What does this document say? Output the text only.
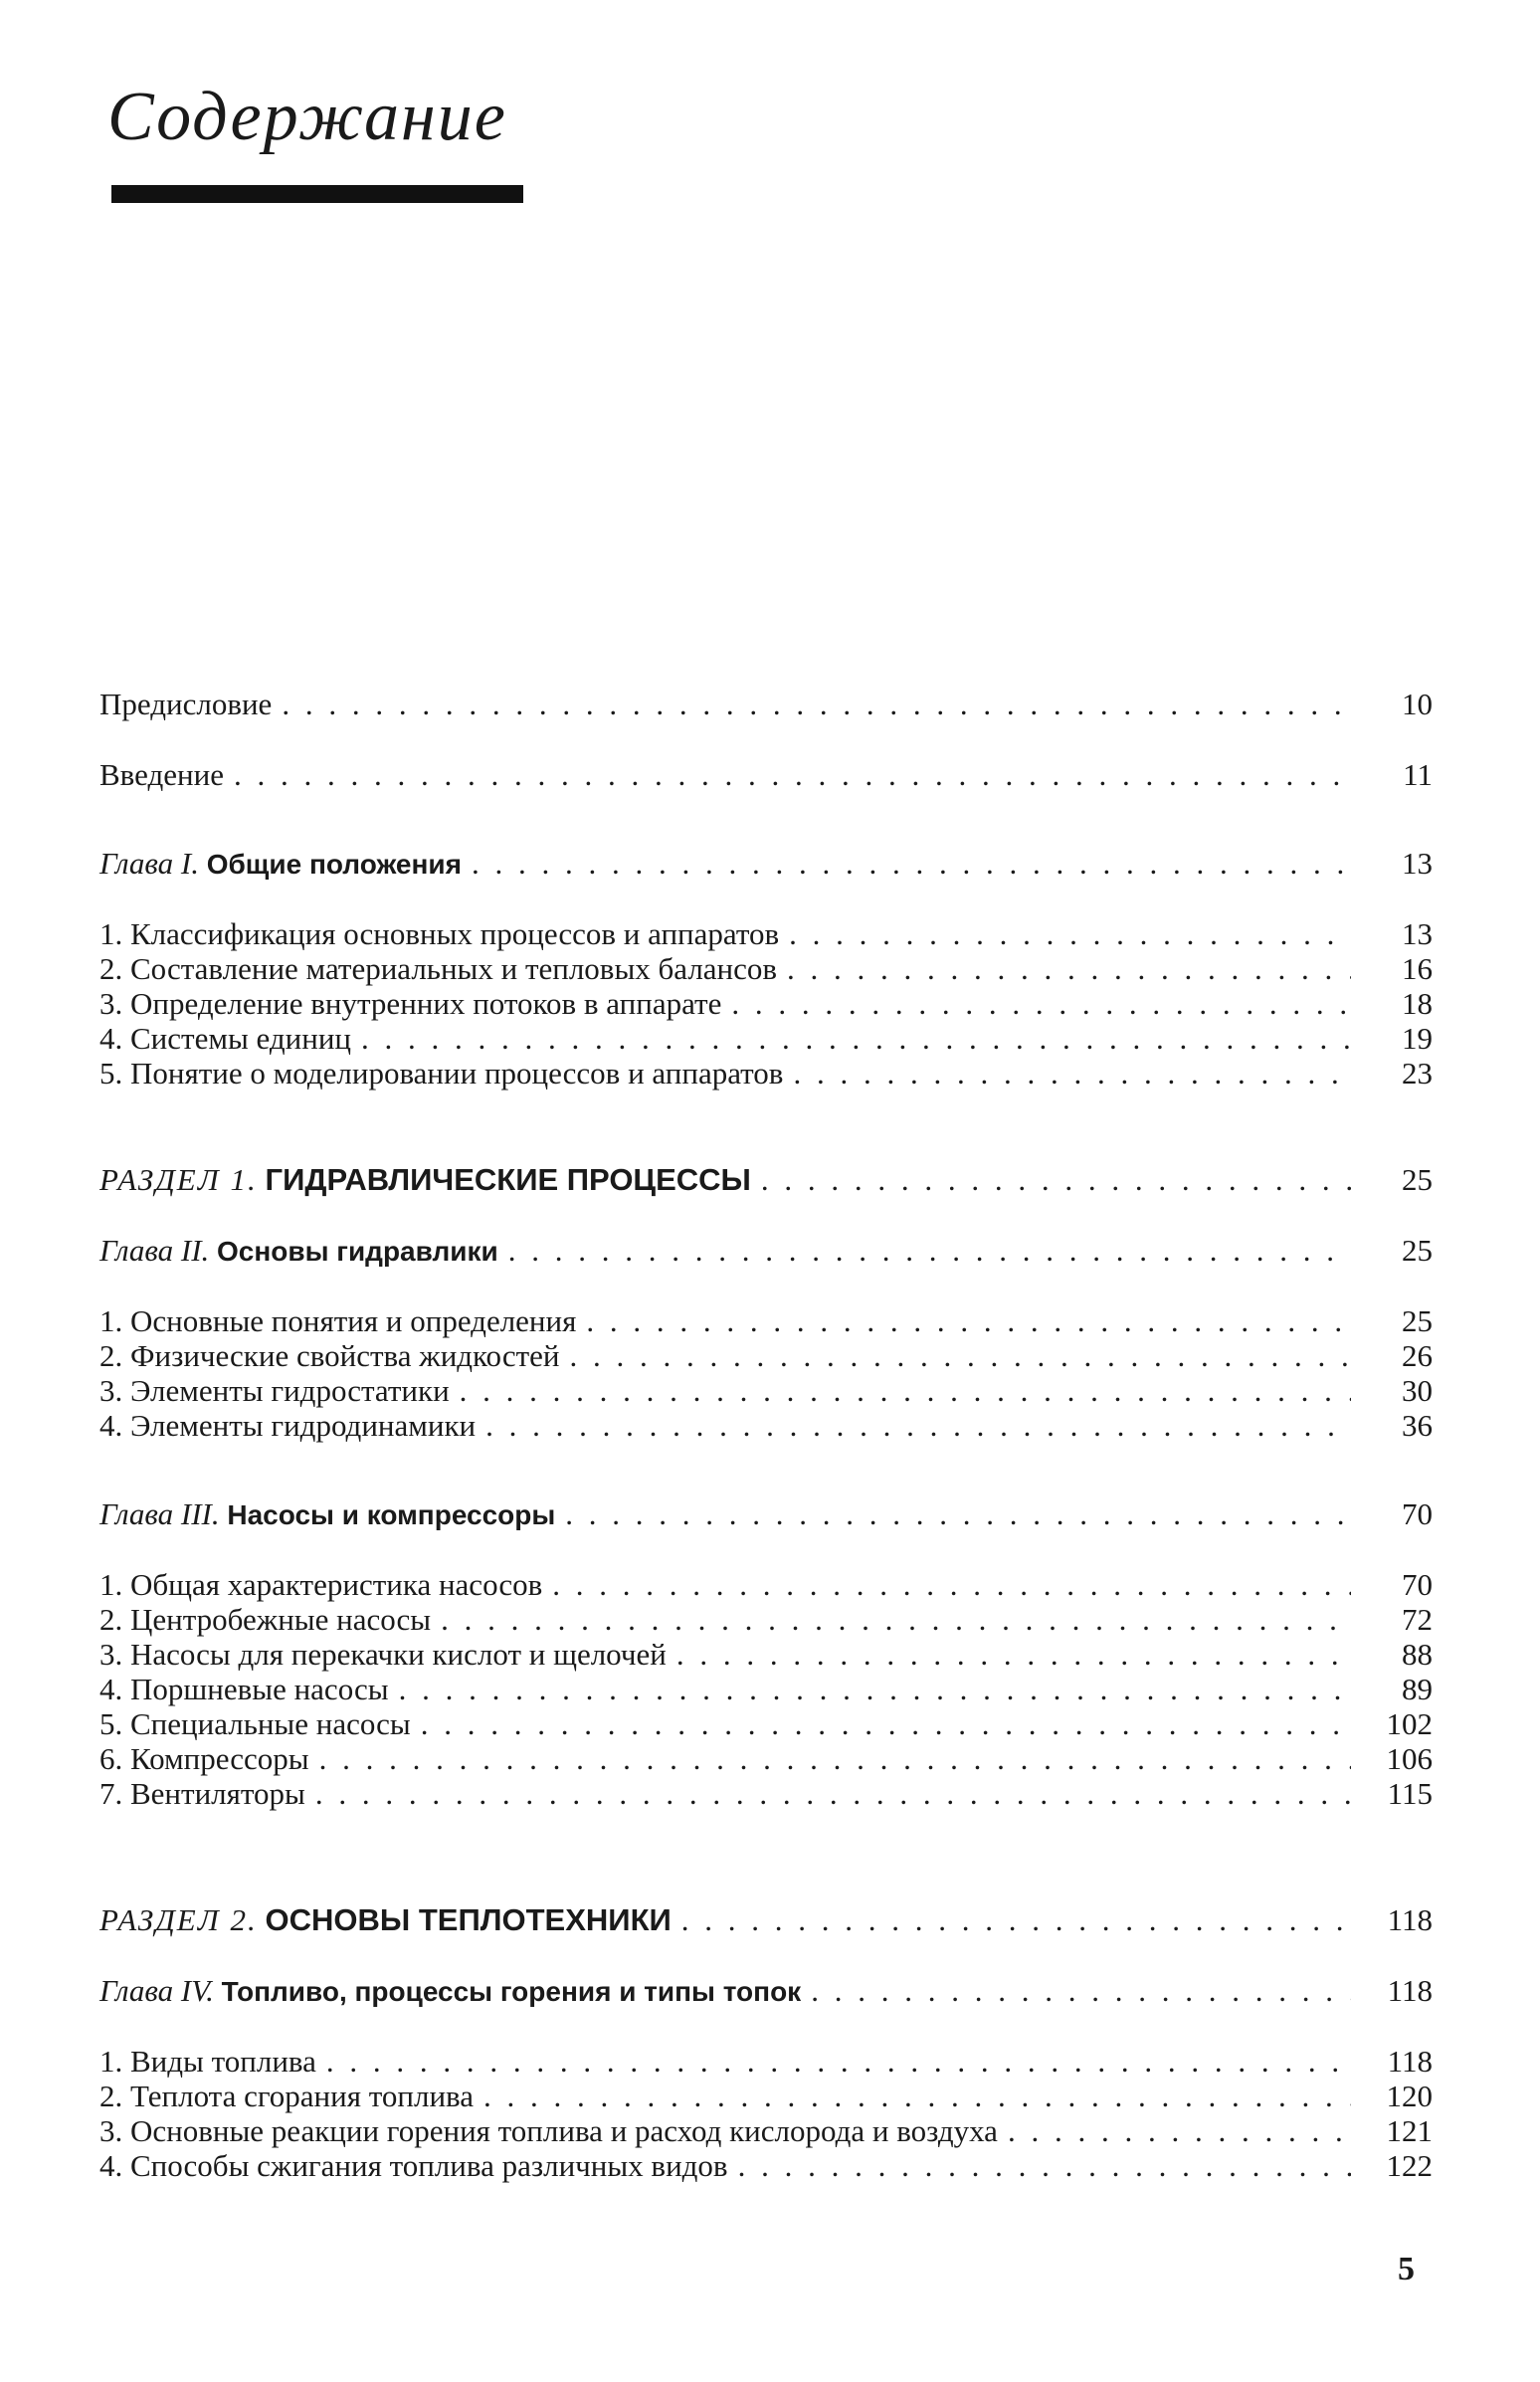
Содержание
Предисловие . . .	10
Введение . . .	11
Глава I. Общие положения . . .	13
1. Классификация основных процессов и аппаратов . . .	13
2. Составление материальных и тепловых балансов . . .	16
3. Определение внутренних потоков в аппарате . . .	18
4. Системы единиц . . .	19
5. Понятие о моделировании процессов и аппаратов . . .	23
РАЗДЕЛ 1. ГИДРАВЛИЧЕСКИЕ ПРОЦЕССЫ . . .	25
Глава II. Основы гидравлики . . .	25
1. Основные понятия и определения . . .	25
2. Физические свойства жидкостей . . .	26
3. Элементы гидростатики . . .	30
4. Элементы гидродинамики . . .	36
Глава III. Насосы и компрессоры . . .	70
1. Общая характеристика насосов . . .	70
2. Центробежные насосы . . .	72
3. Насосы для перекачки кислот и щелочей . . .	88
4. Поршневые насосы . . .	89
5. Специальные насосы . . .	102
6. Компрессоры . . .	106
7. Вентиляторы . . .	115
РАЗДЕЛ 2. ОСНОВЫ ТЕПЛОТЕХНИКИ . . .	118
Глава IV. Топливо, процессы горения и типы топок . . .	118
1. Виды топлива . . .	118
2. Теплота сгорания топлива . . .	120
3. Основные реакции горения топлива и расход кислорода и воздуха . . .	121
4. Способы сжигания топлива различных видов . . .	122
5
